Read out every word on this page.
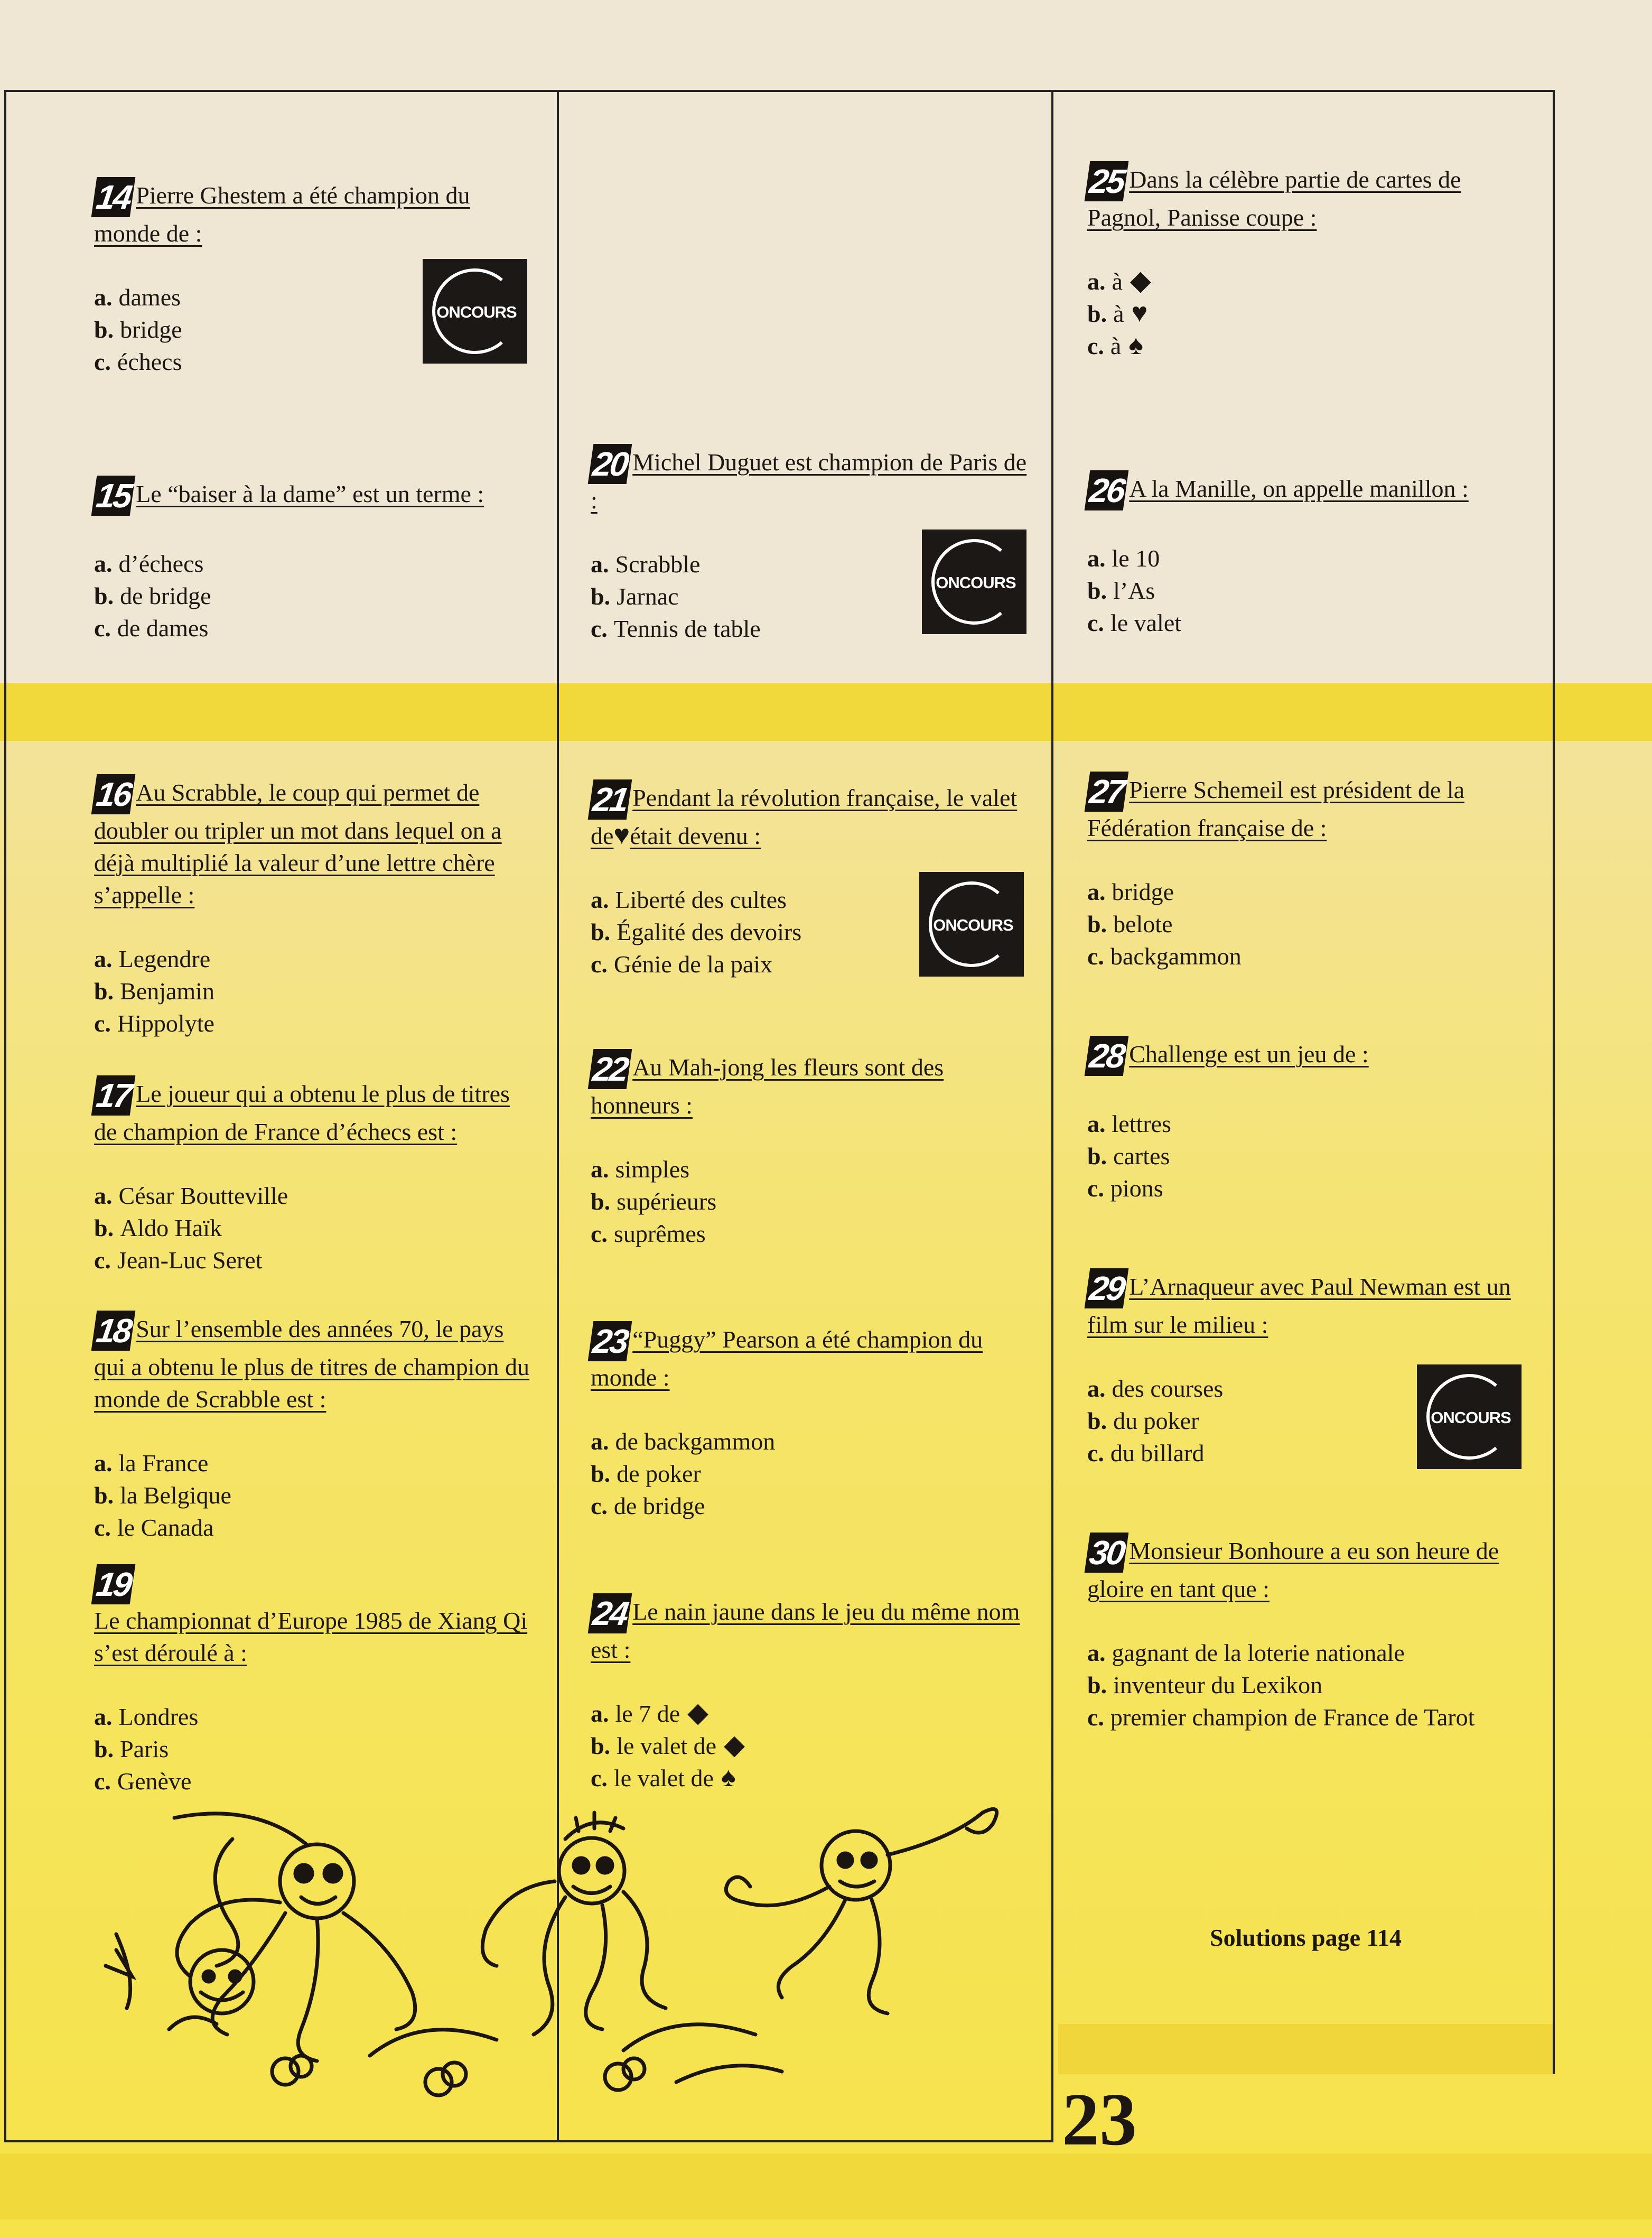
14 Pierre Ghestem a été champion du monde de :
a. dames
b. bridge
c. échecs
15 Le “baiser à la dame” est un terme :
a. d’échecs
b. de bridge
c. de dames
16 Au Scrabble, le coup qui permet de doubler ou tripler un mot dans lequel on a déjà multiplié la valeur d’une lettre chère s’appelle :
a. Legendre
b. Benjamin
c. Hippolyte
17 Le joueur qui a obtenu le plus de titres de champion de France d’échecs est :
a. César Boutteville
b. Aldo Haïk
c. Jean-Luc Seret
18 Sur l’ensemble des années 70, le pays qui a obtenu le plus de titres de champion du monde de Scrabble est :
a. la France
b. la Belgique
c. le Canada
19
Le championnat d’Europe 1985 de Xiang Qi s’est déroulé à :
a. Londres
b. Paris
c. Genève
20 Michel Duguet est champion de Paris de :
a. Scrabble
b. Jarnac
c. Tennis de table
21 Pendant la révolution française, le valet de♥était devenu :
a. Liberté des cultes
b. Égalité des devoirs
c. Génie de la paix
22 Au Mah-jong les fleurs sont des honneurs :
a. simples
b. supérieurs
c. suprêmes
23 “Puggy” Pearson a été champion du monde :
a. de backgammon
b. de poker
c. de bridge
24 Le nain jaune dans le jeu du même nom est :
a. le 7 de ◆
b. le valet de ◆
c. le valet de ♠
25 Dans la célèbre partie de cartes de Pagnol, Panisse coupe :
a. à ◆
b. à ♥
c. à ♠
26 A la Manille, on appelle manillon :
a. le 10
b. l’As
c. le valet
27 Pierre Schemeil est président de la Fédération française de :
a. bridge
b. belote
c. backgammon
28 Challenge est un jeu de :
a. lettres
b. cartes
c. pions
29 L’Arnaqueur avec Paul Newman est un film sur le milieu :
a. des courses
b. du poker
c. du billard
30 Monsieur Bonhoure a eu son heure de gloire en tant que :
a. gagnant de la loterie nationale
b. inventeur du Lexikon
c. premier champion de France de Tarot
ONCOURS
ONCOURS
ONCOURS
ONCOURS
23
Solutions page 114
